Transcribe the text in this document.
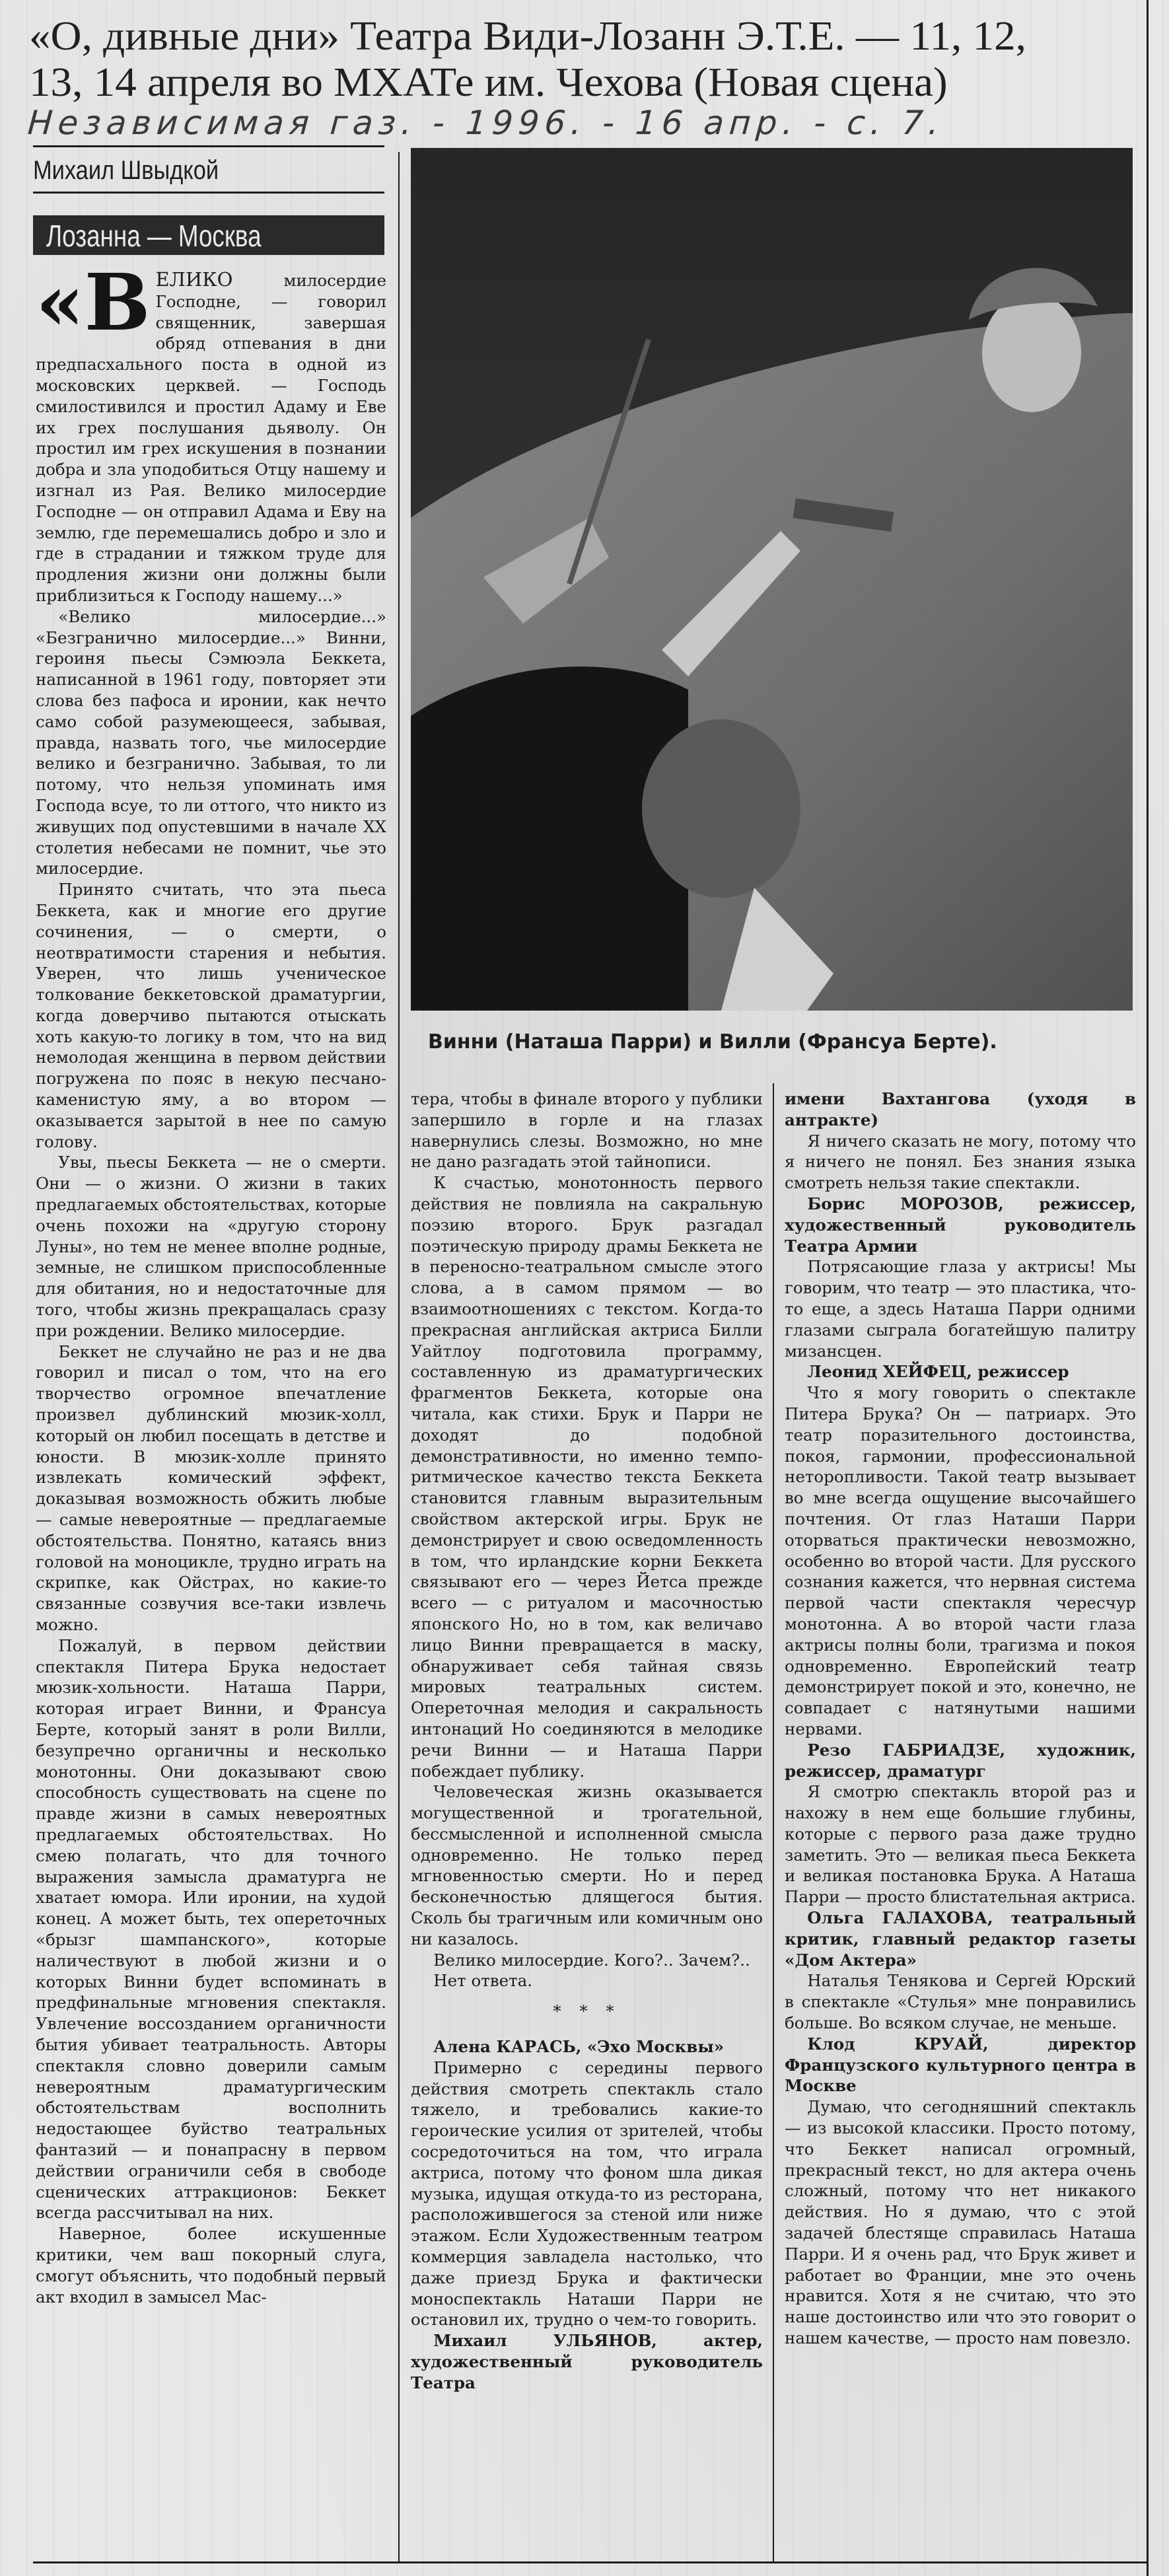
«О, дивные дни» Театра Види-Лозанн Э.Т.Е. — 11, 12,
13, 14 апреля во МХАТе им. Чехова (Новая сцена)
Независимая газ. - 1996. - 16 апр. - с. 7.
Михаил Швыдкой
Лозанна — Москва
«В ЕЛИКО милосердие Господне, — говорил священник, завершая обряд отпевания в дни предпасхального поста в одной из московских церквей. — Господь смилостивился и простил Адаму и Еве их грех послушания дьяволу. Он простил им грех искушения в познании добра и зла уподобиться Отцу нашему и изгнал из Рая. Велико милосердие Господне — он отправил Адама и Еву на землю, где перемешались добро и зло и где в страдании и тяжком труде для продления жизни они должны были приблизиться к Господу нашему...»

«Велико милосердие...» «Безгранично милосердие...» Винни, героиня пьесы Сэмюэла Беккета, написанной в 1961 году, повторяет эти слова без пафоса и иронии, как нечто само собой разумеющееся, забывая, правда, назвать того, чье милосердие велико и безгранично. Забывая, то ли потому, что нельзя упоминать имя Господа всуе, то ли оттого, что никто из живущих под опустевшими в начале XX столетия небесами не помнит, чье это милосердие.

Принято считать, что эта пьеса Беккета, как и многие его другие сочинения, — о смерти, о неотвратимости старения и небытия. Уверен, что лишь ученическое толкование беккетовской драматургии, когда доверчиво пытаются отыскать хоть какую-то логику в том, что на вид немолодая женщина в первом действии погружена по пояс в некую песчано-каменистую яму, а во втором — оказывается зарытой в нее по самую голову.

Увы, пьесы Беккета — не о смерти. Они — о жизни. О жизни в таких предлагаемых обстоятельствах, которые очень похожи на «другую сторону Луны», но тем не менее вполне родные, земные, не слишком приспособленные для обитания, но и недостаточные для того, чтобы жизнь прекращалась сразу при рождении. Велико милосердие.

Беккет не случайно не раз и не два говорил и писал о том, что на его творчество огромное впечатление произвел дублинский мюзик-холл, который он любил посещать в детстве и юности. В мюзик-холле принято извлекать комический эффект, доказывая возможность обжить любые — самые невероятные — предлагаемые обстоятельства. Понятно, катаясь вниз головой на моноцикле, трудно играть на скрипке, как Ойстрах, но какие-то связанные созвучия все-таки извлечь можно.

Пожалуй, в первом действии спектакля Питера Брука недостает мюзик-хольности. Наташа Парри, которая играет Винни, и Франсуа Берте, который занят в роли Вилли, безупречно органичны и несколько монотонны. Они доказывают свою способность существовать на сцене по правде жизни в самых невероятных предлагаемых обстоятельствах. Но смею полагать, что для точного выражения замысла драматурга не хватает юмора. Или иронии, на худой конец. А может быть, тех опереточных «брызг шампанского», которые наличествуют в любой жизни и о которых Винни будет вспоминать в предфинальные мгновения спектакля. Увлечение воссозданием органичности бытия убивает театральность. Авторы спектакля словно доверили самым невероятным драматургическим обстоятельствам восполнить недостающее буйство театральных фантазий — и понапрасну в первом действии ограничили себя в свободе сценических аттракционов: Беккет всегда рассчитывал на них.

Наверное, более искушенные критики, чем ваш покорный слуга, смогут объяснить, что подобный первый акт входил в замысел Мас-

Винни (Наташа Парри) и Вилли (Франсуа Берте).

тера, чтобы в финале второго у публики запершило в горле и на глазах навернулись слезы. Возможно, но мне не дано разгадать этой тайнописи.

К счастью, монотонность первого действия не повлияла на сакральную поэзию второго. Брук разгадал поэтическую природу драмы Беккета не в переносно-театральном смысле этого слова, а в самом прямом — во взаимоотношениях с текстом. Когда-то прекрасная английская актриса Билли Уайтлоу подготовила программу, составленную из драматургических фрагментов Беккета, которые она читала, как стихи. Брук и Парри не доходят до подобной демонстративности, но именно темпо-ритмическое качество текста Беккета становится главным выразительным свойством актерской игры. Брук не демонстрирует и свою осведомленность в том, что ирландские корни Беккета связывают его — через Йетса прежде всего — с ритуалом и масочностью японского Но, но в том, как величаво лицо Винни превращается в маску, обнаруживает себя тайная связь мировых театральных систем. Опереточная мелодия и сакральность интонаций Но соединяются в мелодике речи Винни — и Наташа Парри побеждает публику.

Человеческая жизнь оказывается могущественной и трогательной, бессмысленной и исполненной смысла одновременно. Не только перед мгновенностью смерти. Но и перед бесконечностью длящегося бытия. Сколь бы трагичным или комичным оно ни казалось.

Велико милосердие. Кого?.. Зачем?..

Нет ответа.

* * *

Алена КАРАСЬ, «Эхо Москвы»

Примерно с середины первого действия смотреть спектакль стало тяжело, и требовались какие-то героические усилия от зрителей, чтобы сосредоточиться на том, что играла актриса, потому что фоном шла дикая музыка, идущая откуда-то из ресторана, расположившегося за стеной или ниже этажом. Если Художественным театром коммерция завладела настолько, что даже приезд Брука и фактически моноспектакль Наташи Парри не остановил их, трудно о чем-то говорить.

Михаил УЛЬЯНОВ, актер, художественный руководитель Театра

имени Вахтангова (уходя в антракте)

Я ничего сказать не могу, потому что я ничего не понял. Без знания языка смотреть нельзя такие спектакли.

Борис МОРОЗОВ, режиссер, художественный руководитель Театра Армии

Потрясающие глаза у актрисы! Мы говорим, что театр — это пластика, что-то еще, а здесь Наташа Парри одними глазами сыграла богатейшую палитру мизансцен.

Леонид ХЕЙФЕЦ, режиссер

Что я могу говорить о спектакле Питера Брука? Он — патриарх. Это театр поразительного достоинства, покоя, гармонии, профессиональной неторопливости. Такой театр вызывает во мне всегда ощущение высочайшего почтения. От глаз Наташи Парри оторваться практически невозможно, особенно во второй части. Для русского сознания кажется, что нервная система первой части спектакля чересчур монотонна. А во второй части глаза актрисы полны боли, трагизма и покоя одновременно. Европейский театр демонстрирует покой и это, конечно, не совпадает с натянутыми нашими нервами.

Резо ГАБРИАДЗЕ, художник, режиссер, драматург

Я смотрю спектакль второй раз и нахожу в нем еще большие глубины, которые с первого раза даже трудно заметить. Это — великая пьеса Беккета и великая постановка Брука. А Наташа Парри — просто блистательная актриса.

Ольга ГАЛАХОВА, театральный критик, главный редактор газеты «Дом Актера»

Наталья Тенякова и Сергей Юрский в спектакле «Стулья» мне понравились больше. Во всяком случае, не меньше.

Клод КРУАЙ, директор Французского культурного центра в Москве

Думаю, что сегодняшний спектакль — из высокой классики. Просто потому, что Беккет написал огромный, прекрасный текст, но для актера очень сложный, потому что нет никакого действия. Но я думаю, что с этой задачей блестяще справилась Наташа Парри. И я очень рад, что Брук живет и работает во Франции, мне это очень нравится. Хотя я не считаю, что это наше достоинство или что это говорит о нашем качестве, — просто нам повезло.
